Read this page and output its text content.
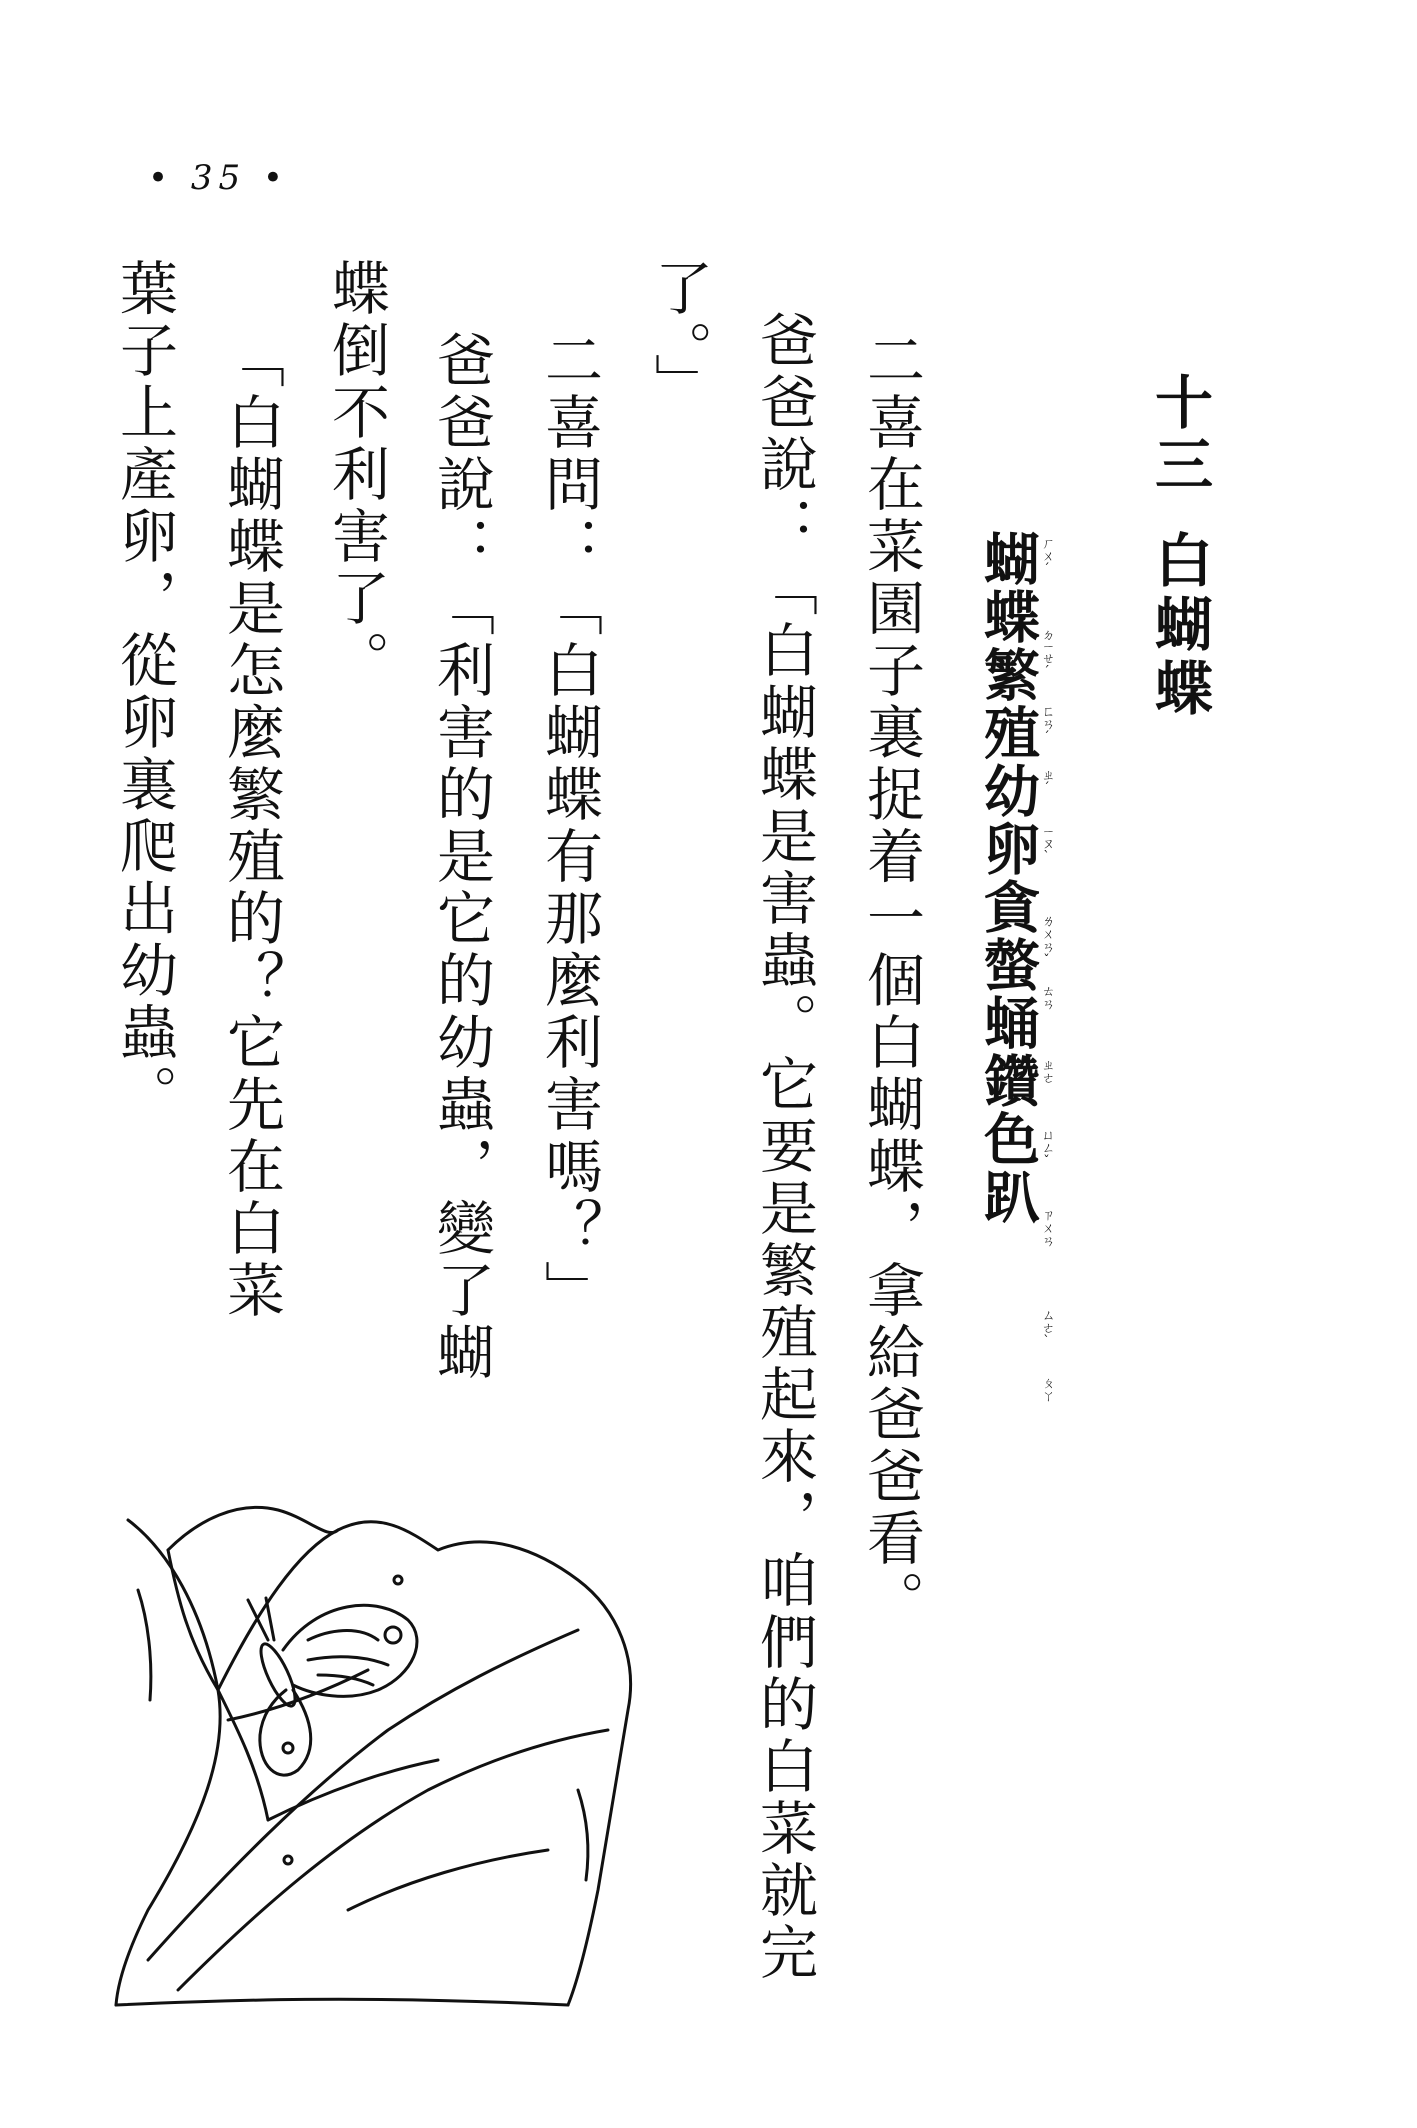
• 35 •
十三
白蝴蝶
蝴蝶繁殖幼卵貪螫蛹鑽色趴
ㄏㄨˊ
ㄉㄧㄝˊ
ㄈㄢˊ
ㄓˊ
ㄧㄡˋ
ㄌㄨㄢˇ
ㄊㄢ
ㄓㄜ
ㄩㄥˇ
ㄗㄨㄢ
ㄙㄜˋ
ㄆㄚ
二喜在菜園子裏捉着一個白蝴蝶，拿給爸爸看。
爸爸說：「白蝴蝶是害蟲。它要是繁殖起來，咱們的白菜就完
了。」
二喜問：「白蝴蝶有那麼利害嗎？」
爸爸說：「利害的是它的幼蟲，變了蝴
蝶倒不利害了。
「白蝴蝶是怎麼繁殖的？它先在白菜
葉子上產卵，從卵裏爬出幼蟲。
